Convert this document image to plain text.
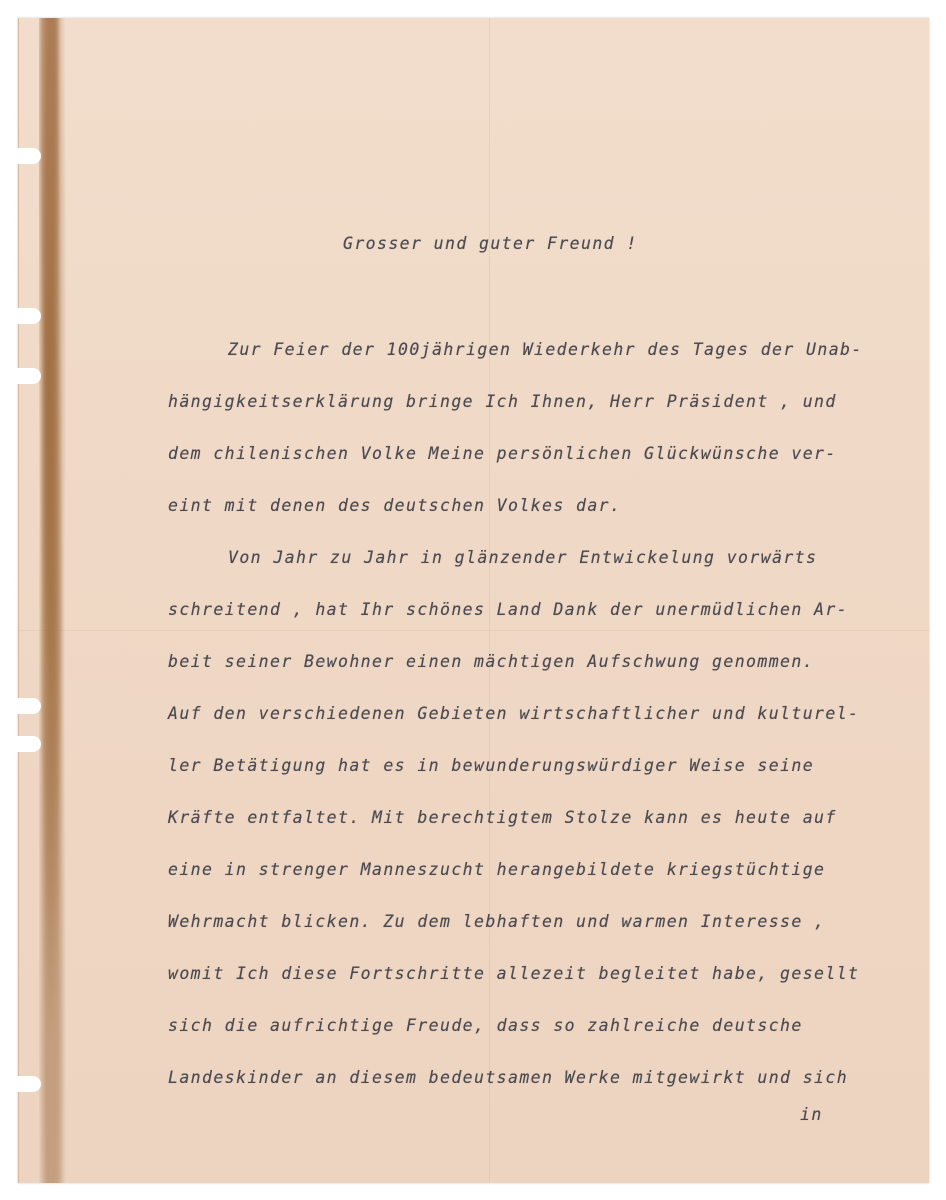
Grosser und guter Freund !
Zur Feier der 100jährigen Wiederkehr des Tages der Unab-
hängigkeitserklärung bringe Ich Ihnen, Herr Präsident , und
dem chilenischen Volke Meine persönlichen Glückwünsche ver-
eint mit denen des deutschen Volkes dar.
Von Jahr zu Jahr in glänzender Entwickelung vorwärts
schreitend , hat Ihr schönes Land Dank der unermüdlichen Ar-
beit seiner Bewohner einen mächtigen Aufschwung genommen.
Auf den verschiedenen Gebieten wirtschaftlicher und kulturel-
ler Betätigung hat es in bewunderungswürdiger Weise seine
Kräfte entfaltet. Mit berechtigtem Stolze kann es heute auf
eine in strenger Manneszucht herangebildete kriegstüchtige
Wehrmacht blicken. Zu dem lebhaften und warmen Interesse ,
womit Ich diese Fortschritte allezeit begleitet habe, gesellt
sich die aufrichtige Freude, dass so zahlreiche deutsche
Landeskinder an diesem bedeutsamen Werke mitgewirkt und sich
in
